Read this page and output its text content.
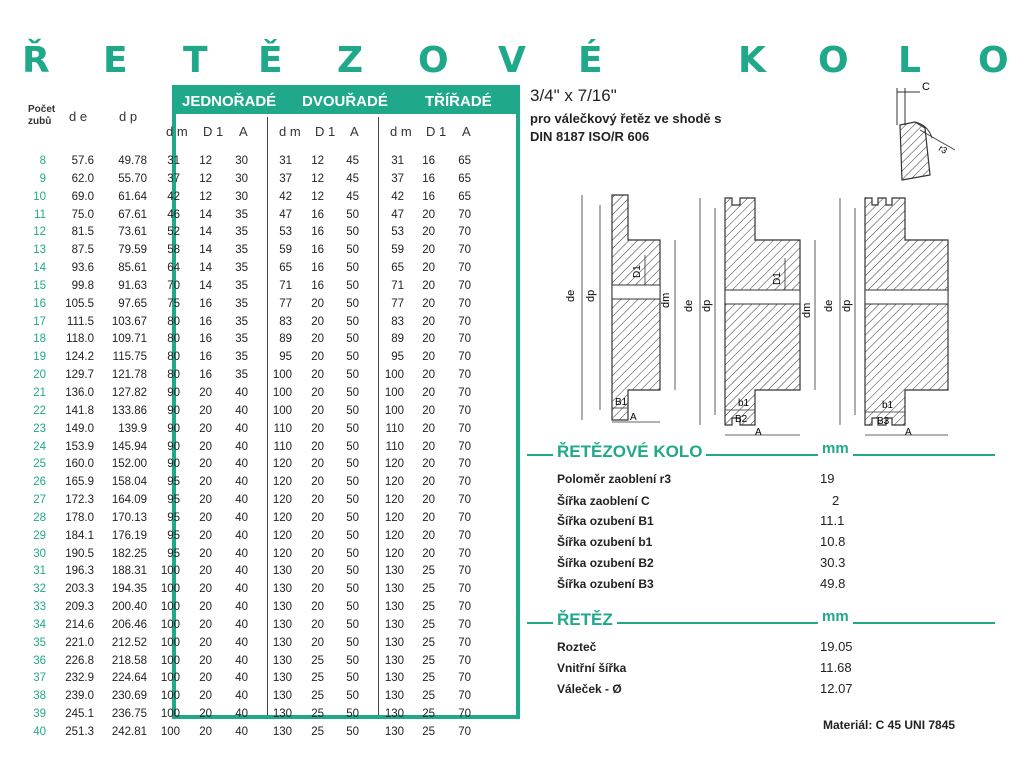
Ř E T Ě Z O V É	K O L O
JEDNOŘADÉ DVOUŘADÉ TŘÍŘADÉ
Počet
zubů d e d p
d m D 1 A d m D 1 A d m D 1 A
8	57.6	49.78	31	12	30	31	12	45	31	16	65
9	62.0	55.70	37	12	30	37	12	45	37	16	65
10	69.0	61.64	42	12	30	42	12	45	42	16	65
11	75.0	67.61	46	14	35	47	16	50	47	20	70
12	81.5	73.61	52	14	35	53	16	50	53	20	70
13	87.5	79.59	58	14	35	59	16	50	59	20	70
14	93.6	85.61	64	14	35	65	16	50	65	20	70
15	99.8	91.63	70	14	35	71	16	50	71	20	70
16	105.5	97.65	75	16	35	77	20	50	77	20	70
17	111.5	103.67	80	16	35	83	20	50	83	20	70
18	118.0	109.71	80	16	35	89	20	50	89	20	70
19	124.2	115.75	80	16	35	95	20	50	95	20	70
20	129.7	121.78	80	16	35	100	20	50	100	20	70
21	136.0	127.82	90	20	40	100	20	50	100	20	70
22	141.8	133.86	90	20	40	100	20	50	100	20	70
23	149.0	139.9	90	20	40	110	20	50	110	20	70
24	153.9	145.94	90	20	40	110	20	50	110	20	70
25	160.0	152.00	90	20	40	120	20	50	120	20	70
26	165.9	158.04	95	20	40	120	20	50	120	20	70
27	172.3	164.09	95	20	40	120	20	50	120	20	70
28	178.0	170.13	95	20	40	120	20	50	120	20	70
29	184.1	176.19	95	20	40	120	20	50	120	20	70
30	190.5	182.25	95	20	40	120	20	50	120	20	70
31	196.3	188.31	100	20	40	130	20	50	130	25	70
32	203.3	194.35	100	20	40	130	20	50	130	25	70
33	209.3	200.40	100	20	40	130	20	50	130	25	70
34	214.6	206.46	100	20	40	130	20	50	130	25	70
35	221.0	212.52	100	20	40	130	20	50	130	25	70
36	226.8	218.58	100	20	40	130	25	50	130	25	70
37	232.9	224.64	100	20	40	130	25	50	130	25	70
38	239.0	230.69	100	20	40	130	25	50	130	25	70
39	245.1	236.75	100	20	40	130	25	50	130	25	70
40	251.3	242.81	100	20	40	130	25	50	130	25	70
3/4" x 7/16"
pro válečkový řetěz ve shodě s
DIN 8187 ISO/R 606
C
r3
de dp	dm
D1
B1
A
de dp	dm
D1
b1
B2
A
de dp
b1
B3
A
ŘETĚZOVÉ KOLO	mm
Poloměr zaoblení r3	19
Šířka zaoblení C	2
Šířka ozubení B1	11.1
Šířka ozubení b1	10.8
Šířka ozubení B2	30.3
Šířka ozubení B3	49.8
ŘETĚZ	mm
Rozteč	19.05
Vnitřní šířka	11.68
Váleček - Ø	12.07
Materiál: C 45 UNI 7845
